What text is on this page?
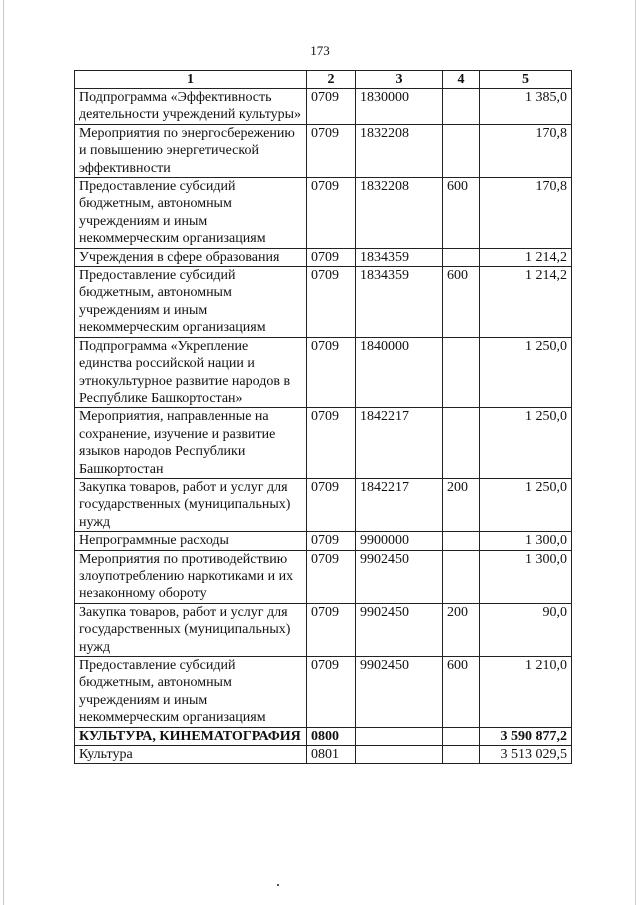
173
1	2	3	4	5
Подпрограмма «Эффективность деятельности учреждений культуры»	0709	1830000		1 385,0
Мероприятия по энергосбережению и повышению энергетической эффективности	0709	1832208		170,8
Предоставление субсидий бюджетным, автономным учреждениям и иным некоммерческим организациям	0709	1832208	600	170,8
Учреждения в сфере образования	0709	1834359		1 214,2
Предоставление субсидий бюджетным, автономным учреждениям и иным некоммерческим организациям	0709	1834359	600	1 214,2
Подпрограмма «Укрепление единства российской нации и этнокультурное развитие народов в Республике Башкортостан»	0709	1840000		1 250,0
Мероприятия, направленные на сохранение, изучение и развитие языков народов Республики Башкортостан	0709	1842217		1 250,0
Закупка товаров, работ и услуг для государственных (муниципальных) нужд	0709	1842217	200	1 250,0
Непрограммные расходы	0709	9900000		1 300,0
Мероприятия по противодействию злоупотреблению наркотиками и их незаконному обороту	0709	9902450		1 300,0
Закупка товаров, работ и услуг для государственных (муниципальных) нужд	0709	9902450	200	90,0
Предоставление субсидий бюджетным, автономным учреждениям и иным некоммерческим организациям	0709	9902450	600	1 210,0
КУЛЬТУРА, КИНЕМАТОГРАФИЯ	0800			3 590 877,2
Культура	0801			3 513 029,5
